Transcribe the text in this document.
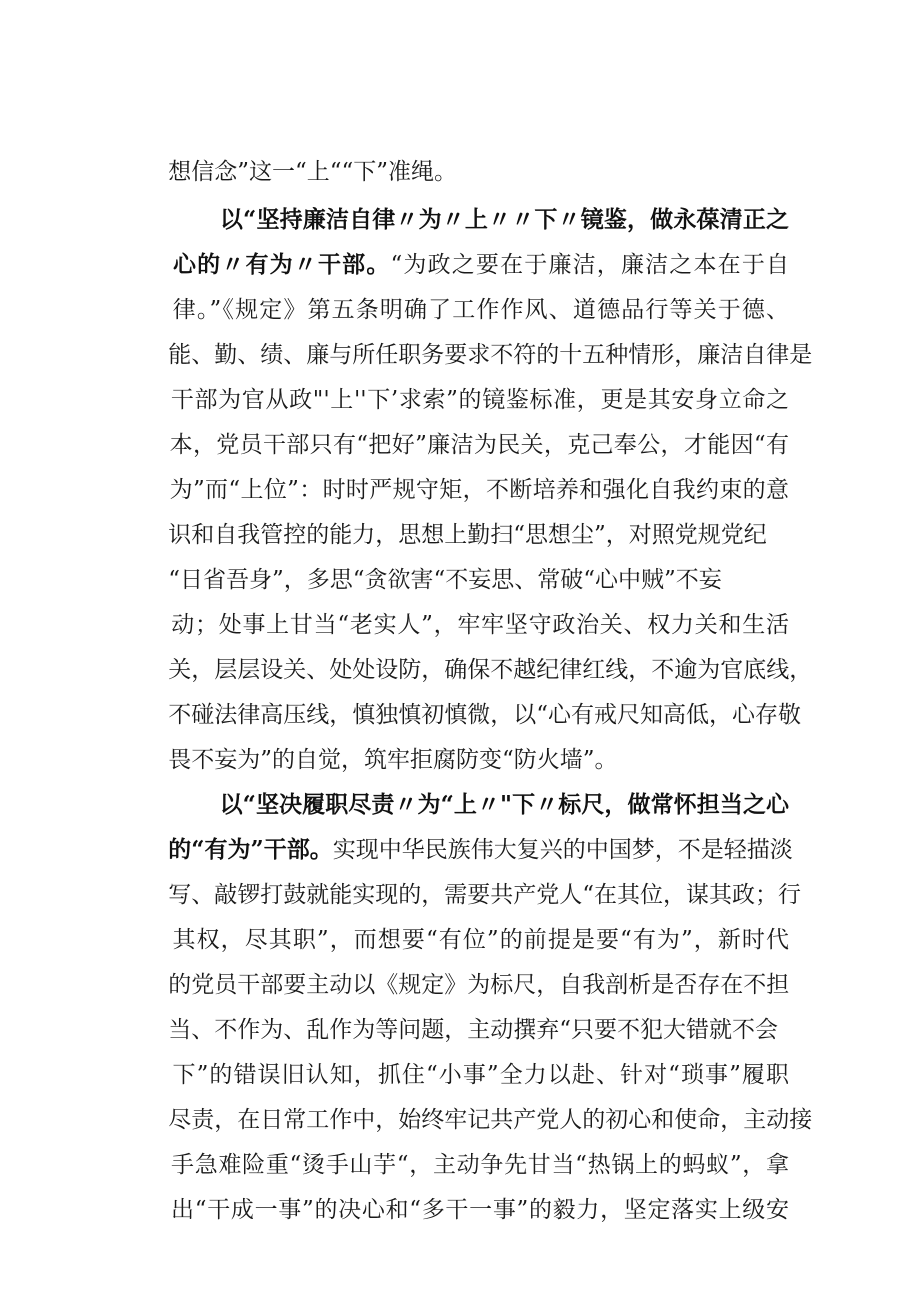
想信念”这一“上““下”准绳。

以“坚持廉洁自律〃为〃上〃〃下〃镜鉴，做永葆清正之

心的〃有为〃干部。“为政之要在于廉洁，廉洁之本在于自

律。”《规定》第五条明确了工作作风、道德品行等关于德、

能、勤、绩、廉与所任职务要求不符的十五种情形，廉洁自律是

干部为官从政"'上''下’求索”的镜鉴标准，更是其安身立命之

本，党员干部只有“把好”廉洁为民关，克己奉公，才能因“有

为”而“上位”：时时严规守矩，不断培养和强化自我约束的意

识和自我管控的能力，思想上勤扫“思想尘”，对照党规党纪

“日省吾身”，多思“贪欲害“不妄思、常破“心中贼”不妄

动；处事上甘当“老实人”，牢牢坚守政治关、权力关和生活

关，层层设关、处处设防，确保不越纪律红线，不逾为官底线，

不碰法律高压线，慎独慎初慎微，以“心有戒尺知高低，心存敬

畏不妄为”的自觉，筑牢拒腐防变“防火墙”。

以“坚决履职尽责〃为“上〃"下〃标尺，做常怀担当之心

的“有为”干部。实现中华民族伟大复兴的中国梦，不是轻描淡

写、敲锣打鼓就能实现的，需要共产党人“在其位，谋其政；行

其权，尽其职”，而想要“有位”的前提是要“有为”，新时代

的党员干部要主动以《规定》为标尺，自我剖析是否存在不担

当、不作为、乱作为等问题，主动撰弃“只要不犯大错就不会

下”的错误旧认知，抓住“小事”全力以赴、针对“琐事”履职

尽责，在日常工作中，始终牢记共产党人的初心和使命，主动接

手急难险重“烫手山芋“，主动争先甘当“热锅上的蚂蚁”，拿

出“干成一事”的决心和“多干一事”的毅力，坚定落实上级安
